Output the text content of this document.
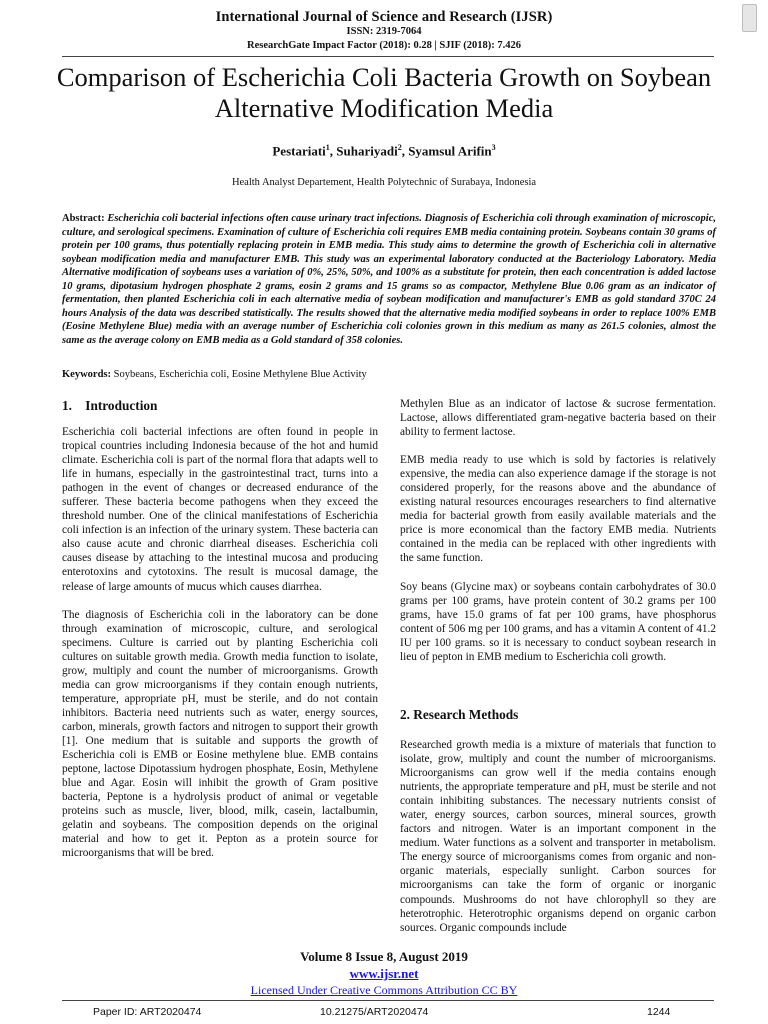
International Journal of Science and Research (IJSR)
ISSN: 2319-7064
ResearchGate Impact Factor (2018): 0.28 | SJIF (2018): 7.426
Comparison of Escherichia Coli Bacteria Growth on Soybean Alternative Modification Media
Pestariati$^1$, Suhariyadi$^2$, Syamsul Arifin$^3$
Health Analyst Departement, Health Polytechnic of Surabaya, Indonesia
Abstract: Escherichia coli bacterial infections often cause urinary tract infections. Diagnosis of Escherichia coli through examination of microscopic, culture, and serological specimens. Examination of culture of Escherichia coli requires EMB media containing protein. Soybeans contain 30 grams of protein per 100 grams, thus potentially replacing protein in EMB media. This study aims to determine the growth of Escherichia coli in alternative soybean modification media and manufacturer EMB. This study was an experimental laboratory conducted at the Bacteriology Laboratory. Media Alternative modification of soybeans uses a variation of 0%, 25%, 50%, and 100% as a substitute for protein, then each concentration is added lactose 10 grams, dipotasium hydrogen phosphate 2 grams, eosin 2 grams and 15 grams so as compactor, Methylene Blue 0.06 gram as an indicator of fermentation, then planted Escherichia coli in each alternative media of soybean modification and manufacturer's EMB as gold standard 370C 24 hours Analysis of the data was described statistically. The results showed that the alternative media modified soybeans in order to replace 100% EMB (Eosine Methylene Blue) media with an average number of Escherichia coli colonies grown in this medium as many as 261.5 colonies, almost the same as the average colony on EMB media as a Gold standard of 358 colonies.
Keywords: Soybeans, Escherichia coli, Eosine Methylene Blue Activity
1. Introduction

Escherichia coli bacterial infections are often found in people in tropical countries including Indonesia because of the hot and humid climate. Escherichia coli is part of the normal flora that adapts well to life in humans, especially in the gastrointestinal tract, turns into a pathogen in the event of changes or decreased endurance of the sufferer. These bacteria become pathogens when they exceed the threshold number. One of the clinical manifestations of Escherichia coli infection is an infection of the urinary system. These bacteria can also cause acute and chronic diarrheal diseases. Escherichia coli causes disease by attaching to the intestinal mucosa and producing enterotoxins and cytotoxins. The result is mucosal damage, the release of large amounts of mucus which causes diarrhea.

The diagnosis of Escherichia coli in the laboratory can be done through examination of microscopic, culture, and serological specimens. Culture is carried out by planting Escherichia coli cultures on suitable growth media. Growth media function to isolate, grow, multiply and count the number of microorganisms. Growth media can grow microorganisms if they contain enough nutrients, temperature, appropriate pH, must be sterile, and do not contain inhibitors. Bacteria need nutrients such as water, energy sources, carbon, minerals, growth factors and nitrogen to support their growth [1]. One medium that is suitable and supports the growth of Escherichia coli is EMB or Eosine methylene blue. EMB contains peptone, lactose Dipotassium hydrogen phosphate, Eosin, Methylene blue and Agar. Eosin will inhibit the growth of Gram positive bacteria, Peptone is a hydrolysis product of animal or vegetable proteins such as muscle, liver, blood, milk, casein, lactalbumin, gelatin and soybeans. The composition depends on the original material and how to get it. Pepton as a protein source for microorganisms that will be bred.

Methylen Blue as an indicator of lactose & sucrose fermentation. Lactose, allows differentiated gram-negative bacteria based on their ability to ferment lactose.

EMB media ready to use which is sold by factories is relatively expensive, the media can also experience damage if the storage is not considered properly, for the reasons above and the abundance of existing natural resources encourages researchers to find alternative media for bacterial growth from easily available materials and the price is more economical than the factory EMB media. Nutrients contained in the media can be replaced with other ingredients with the same function.

Soy beans (Glycine max) or soybeans contain carbohydrates of 30.0 grams per 100 grams, have protein content of 30.2 grams per 100 grams, have 15.0 grams of fat per 100 grams, have phosphorus content of 506 mg per 100 grams, and has a vitamin A content of 41.2 IU per 100 grams. so it is necessary to conduct soybean research in lieu of pepton in EMB medium to Escherichia coli growth.

2. Research Methods

Researched growth media is a mixture of materials that function to isolate, grow, multiply and count the number of microorganisms. Microorganisms can grow well if the media contains enough nutrients, the appropriate temperature and pH, must be sterile and not contain inhibiting substances. The necessary nutrients consist of water, energy sources, carbon sources, mineral sources, growth factors and nitrogen. Water is an important component in the medium. Water functions as a solvent and transporter in metabolism. The energy source of microorganisms comes from organic and non-organic materials, especially sunlight. Carbon sources for microorganisms can take the form of organic or inorganic compounds. Mushrooms do not have chlorophyll so they are heterotrophic. Heterotrophic organisms depend on organic carbon sources. Organic compounds include

Volume 8 Issue 8, August 2019
www.ijsr.net
Licensed Under Creative Commons Attribution CC BY
Paper ID: ART2020474	10.21275/ART2020474	1244
